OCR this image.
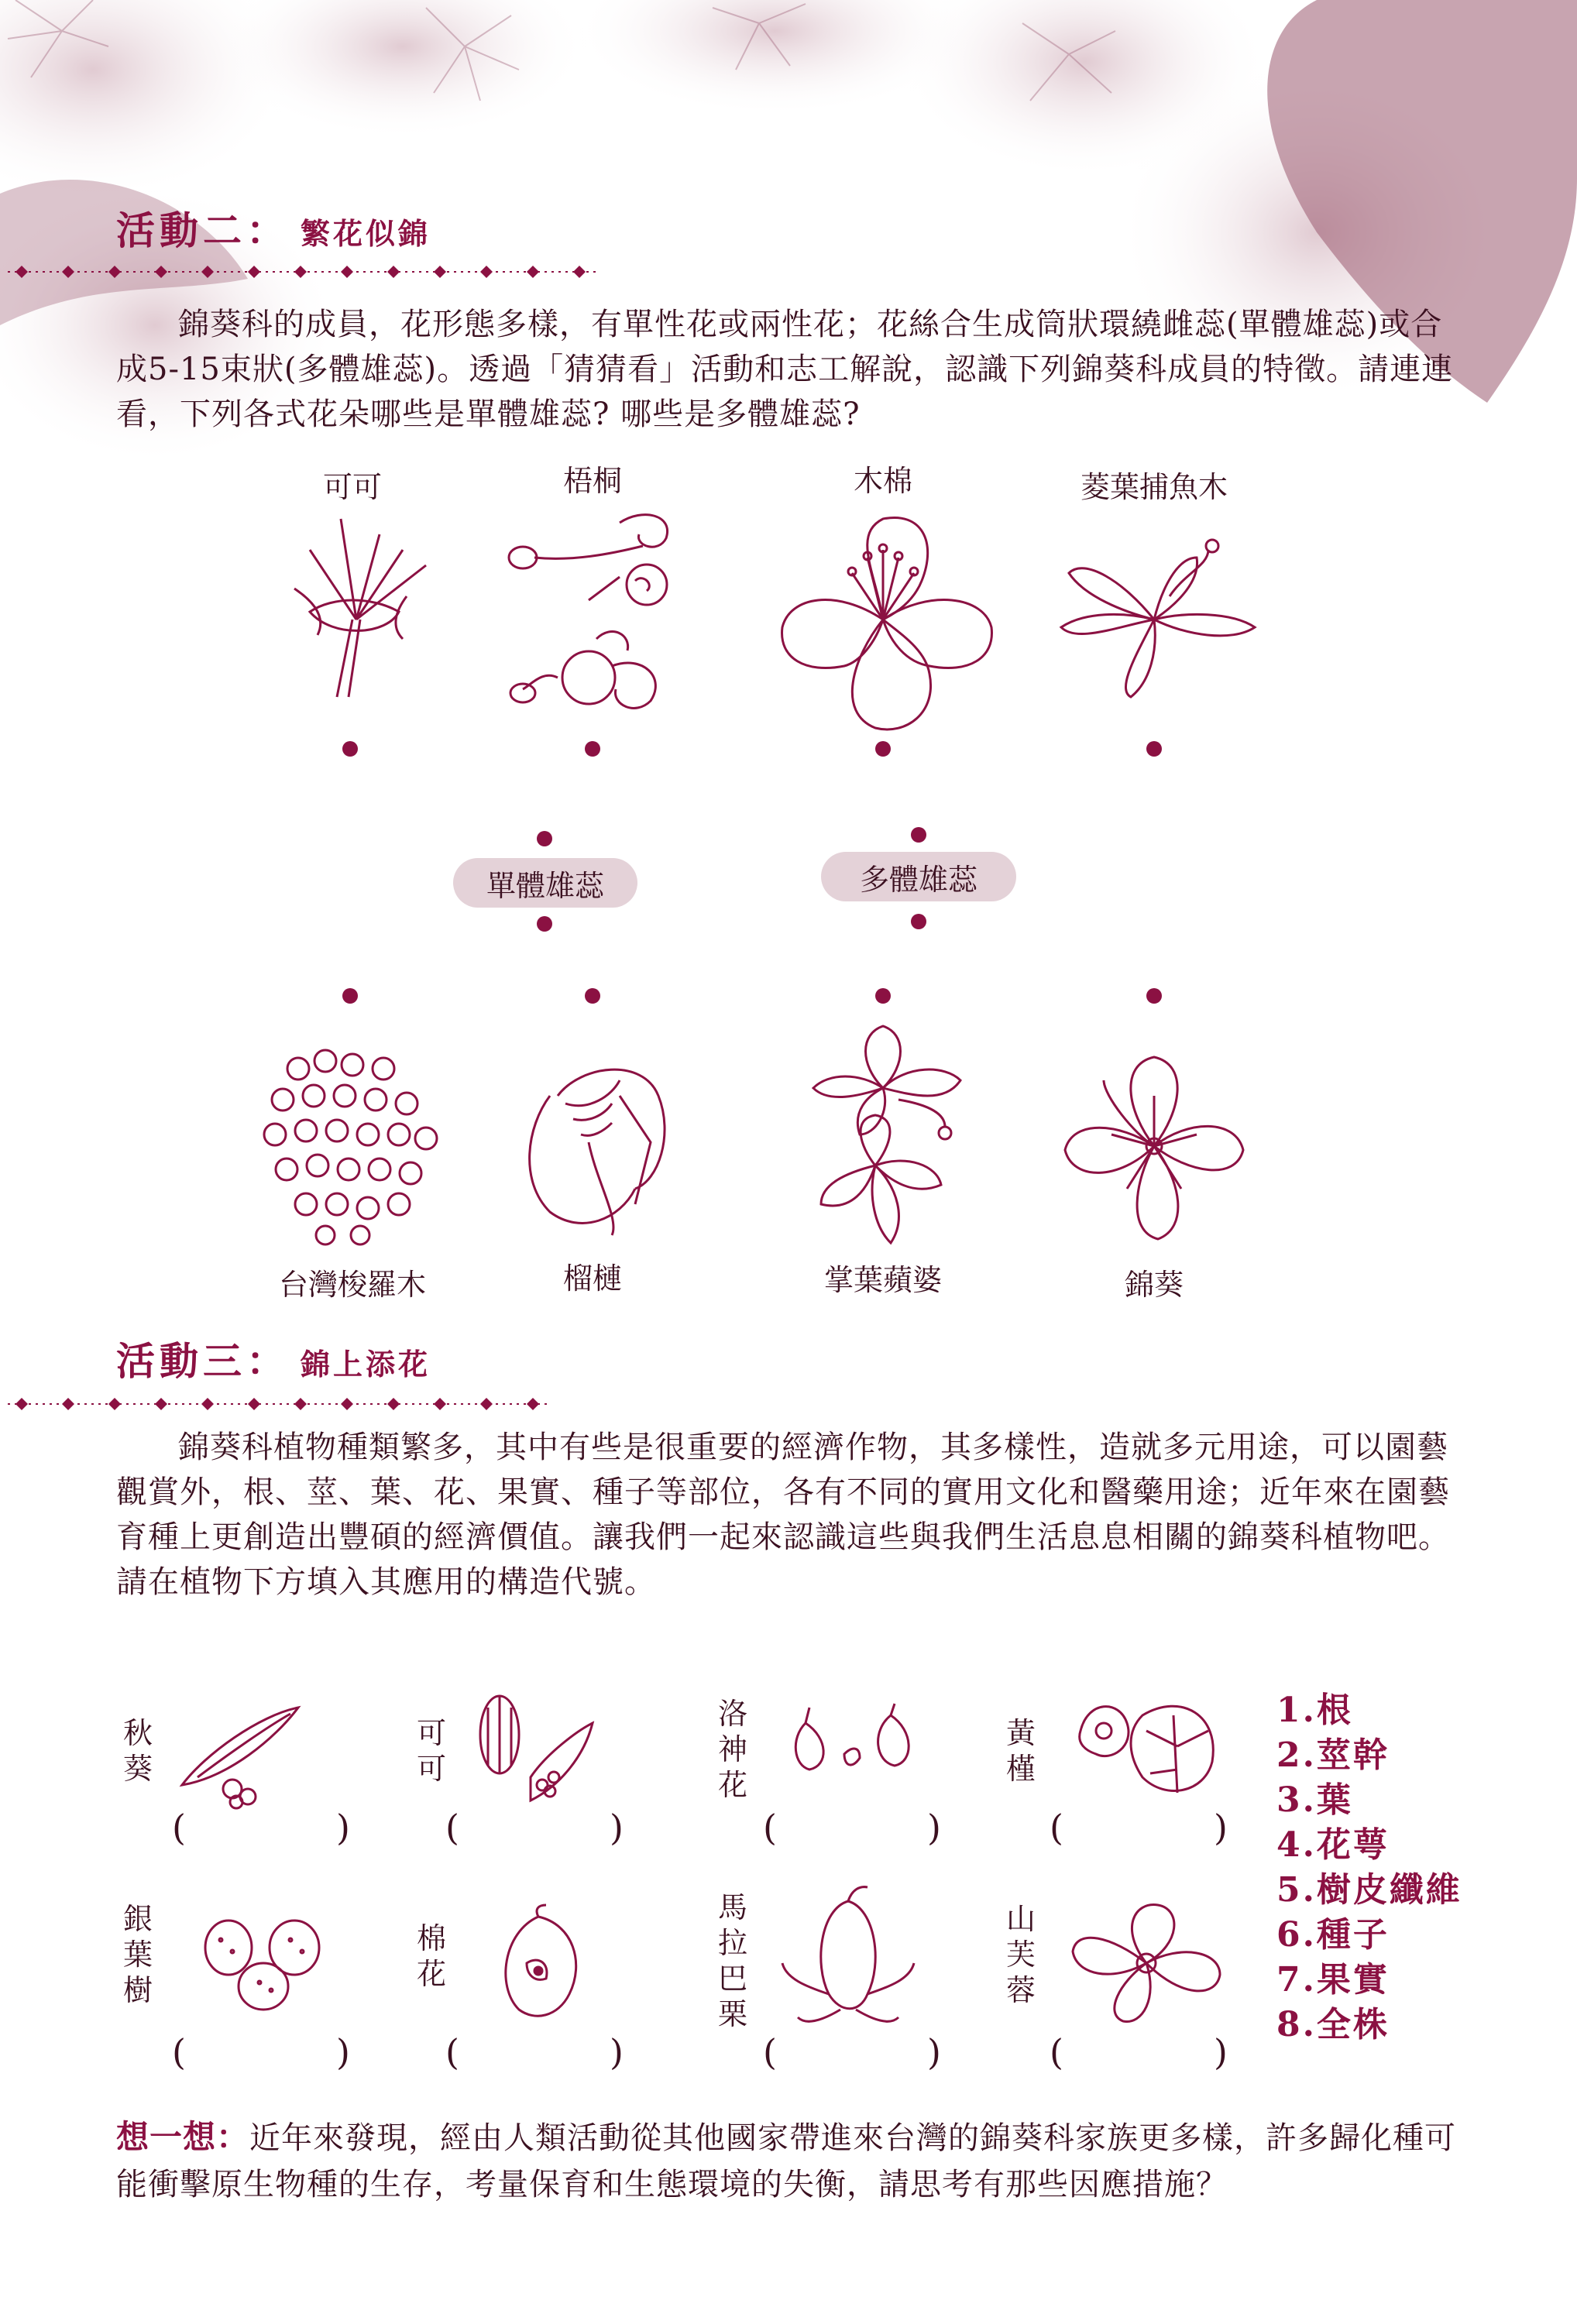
活動二： 繁花似錦
錦葵科的成員，花形態多樣，有單性花或兩性花；花絲合生成筒狀環繞雌蕊(單體雄蕊)或合成5-15束狀(多體雄蕊)。透過「猜猜看」活動和志工解說，認識下列錦葵科成員的特徵。請連連看，下列各式花朵哪些是單體雄蕊? 哪些是多體雄蕊?
可可	梧桐	木棉	菱葉捕魚木
單體雄蕊	多體雄蕊
台灣梭羅木	榴槤	掌葉蘋婆	錦葵
活動三： 錦上添花
錦葵科植物種類繁多，其中有些是很重要的經濟作物，其多樣性，造就多元用途，可以園藝觀賞外，根、莖、葉、花、果實、種子等部位，各有不同的實用文化和醫藥用途；近年來在園藝育種上更創造出豐碩的經濟價值。讓我們一起來認識這些與我們生活息息相關的錦葵科植物吧。請在植物下方填入其應用的構造代號。
秋葵
(	)
可可
(	)
洛神花
(	)
黃槿
(	)
銀葉樹
(	)
棉花
(	)
馬拉巴栗
(	)
山芙蓉
(	)
1.根
2.莖幹
3.葉
4.花萼
5.樹皮纖維
6.種子
7.果實
8.全株
想一想：近年來發現，經由人類活動從其他國家帶進來台灣的錦葵科家族更多樣，許多歸化種可能衝擊原生物種的生存，考量保育和生態環境的失衡，請思考有那些因應措施？
